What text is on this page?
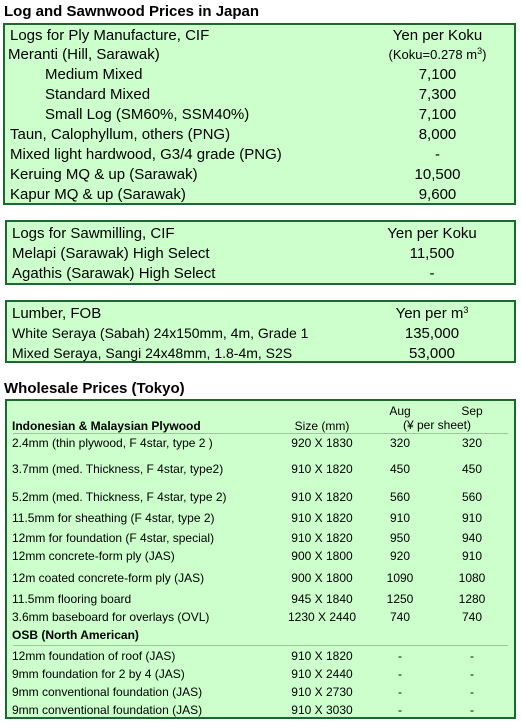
Log and Sawnwood Prices in Japan
Logs for Ply Manufacture, CIF	Yen per Koku
Meranti (Hill, Sarawak)	(Koku=0.278 $m^3$)
Medium Mixed	7,100
Standard Mixed	7,300
Small Log (SM60%, SSM40%)	7,100
Taun, Calophyllum, others (PNG)	8,000
Mixed light hardwood, G3/4 grade (PNG)	-
Keruing MQ & up (Sarawak)	10,500
Kapur MQ & up (Sarawak)	9,600
Logs for Sawmilling, CIF	Yen per Koku
Melapi (Sarawak) High Select	11,500
Agathis (Sarawak) High Select	-
Lumber, FOB	Yen per $m^3$
White Seraya (Sabah) 24x150mm, 4m, Grade 1	135,000
Mixed Seraya, Sangi 24x48mm, 1.8-4m, S2S	53,000
Wholesale Prices (Tokyo)
Indonesian & Malaysian Plywood	Size (mm)
Aug	Sep
(¥ per sheet)
2.4mm (thin plywood, F 4star, type 2 )	920 X 1830	320	320
3.7mm (med. Thickness, F 4star, type2)	910 X 1820	450	450
5.2mm (med. Thickness, F 4star, type 2)	910 X 1820	560	560
11.5mm for sheathing (F 4star, type 2)	910 X 1820	910	910
12mm for foundation (F 4star, special)	910 X 1820	950	940
12mm concrete-form ply (JAS)	900 X 1800	920	910
12m coated concrete-form ply (JAS)	900 X 1800	1090	1080
11.5mm flooring board	945 X 1840	1250	1280
3.6mm baseboard for overlays (OVL)	1230 X 2440	740	740
OSB (North American)
12mm foundation of roof (JAS)	910 X 1820	-	-
9mm foundation for 2 by 4 (JAS)	910 X 2440	-	-
9mm conventional foundation (JAS)	910 X 2730	-	-
9mm conventional foundation (JAS)	910 X 3030	-	-
